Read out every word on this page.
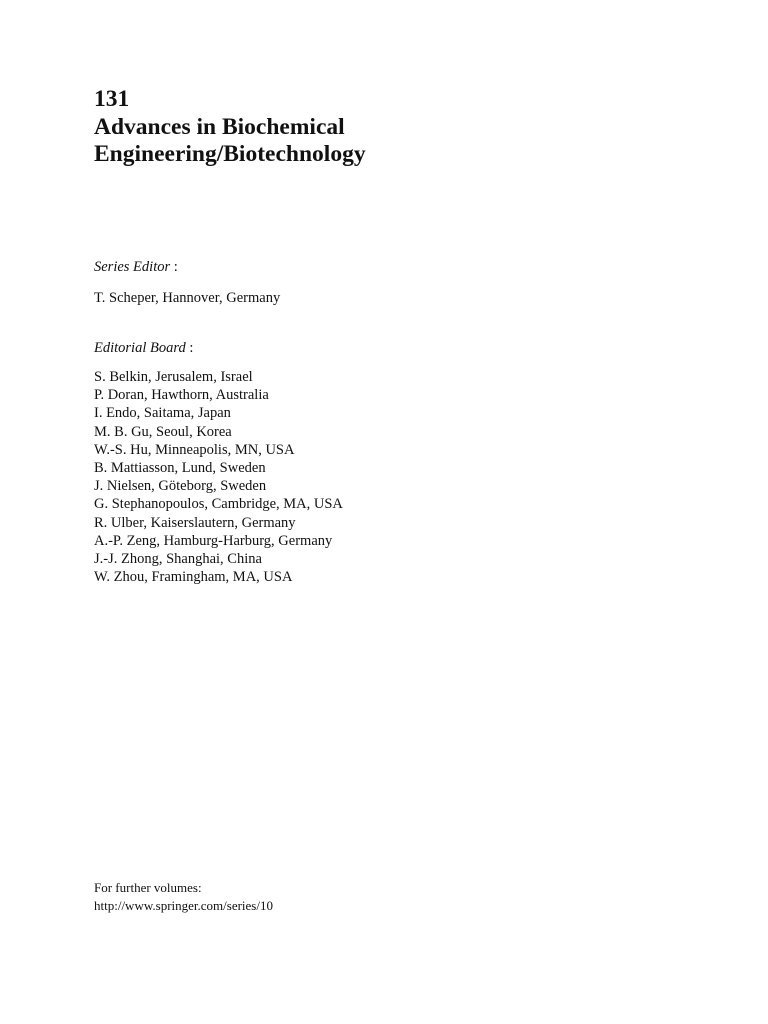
131
Advances in Biochemical
Engineering/Biotechnology
Series Editor :
T. Scheper, Hannover, Germany
Editorial Board :
S. Belkin, Jerusalem, Israel
P. Doran, Hawthorn, Australia
I. Endo, Saitama, Japan
M. B. Gu, Seoul, Korea
W.-S. Hu, Minneapolis, MN, USA
B. Mattiasson, Lund, Sweden
J. Nielsen, Göteborg, Sweden
G. Stephanopoulos, Cambridge, MA, USA
R. Ulber, Kaiserslautern, Germany
A.-P. Zeng, Hamburg-Harburg, Germany
J.-J. Zhong, Shanghai, China
W. Zhou, Framingham, MA, USA
For further volumes:
http://www.springer.com/series/10
